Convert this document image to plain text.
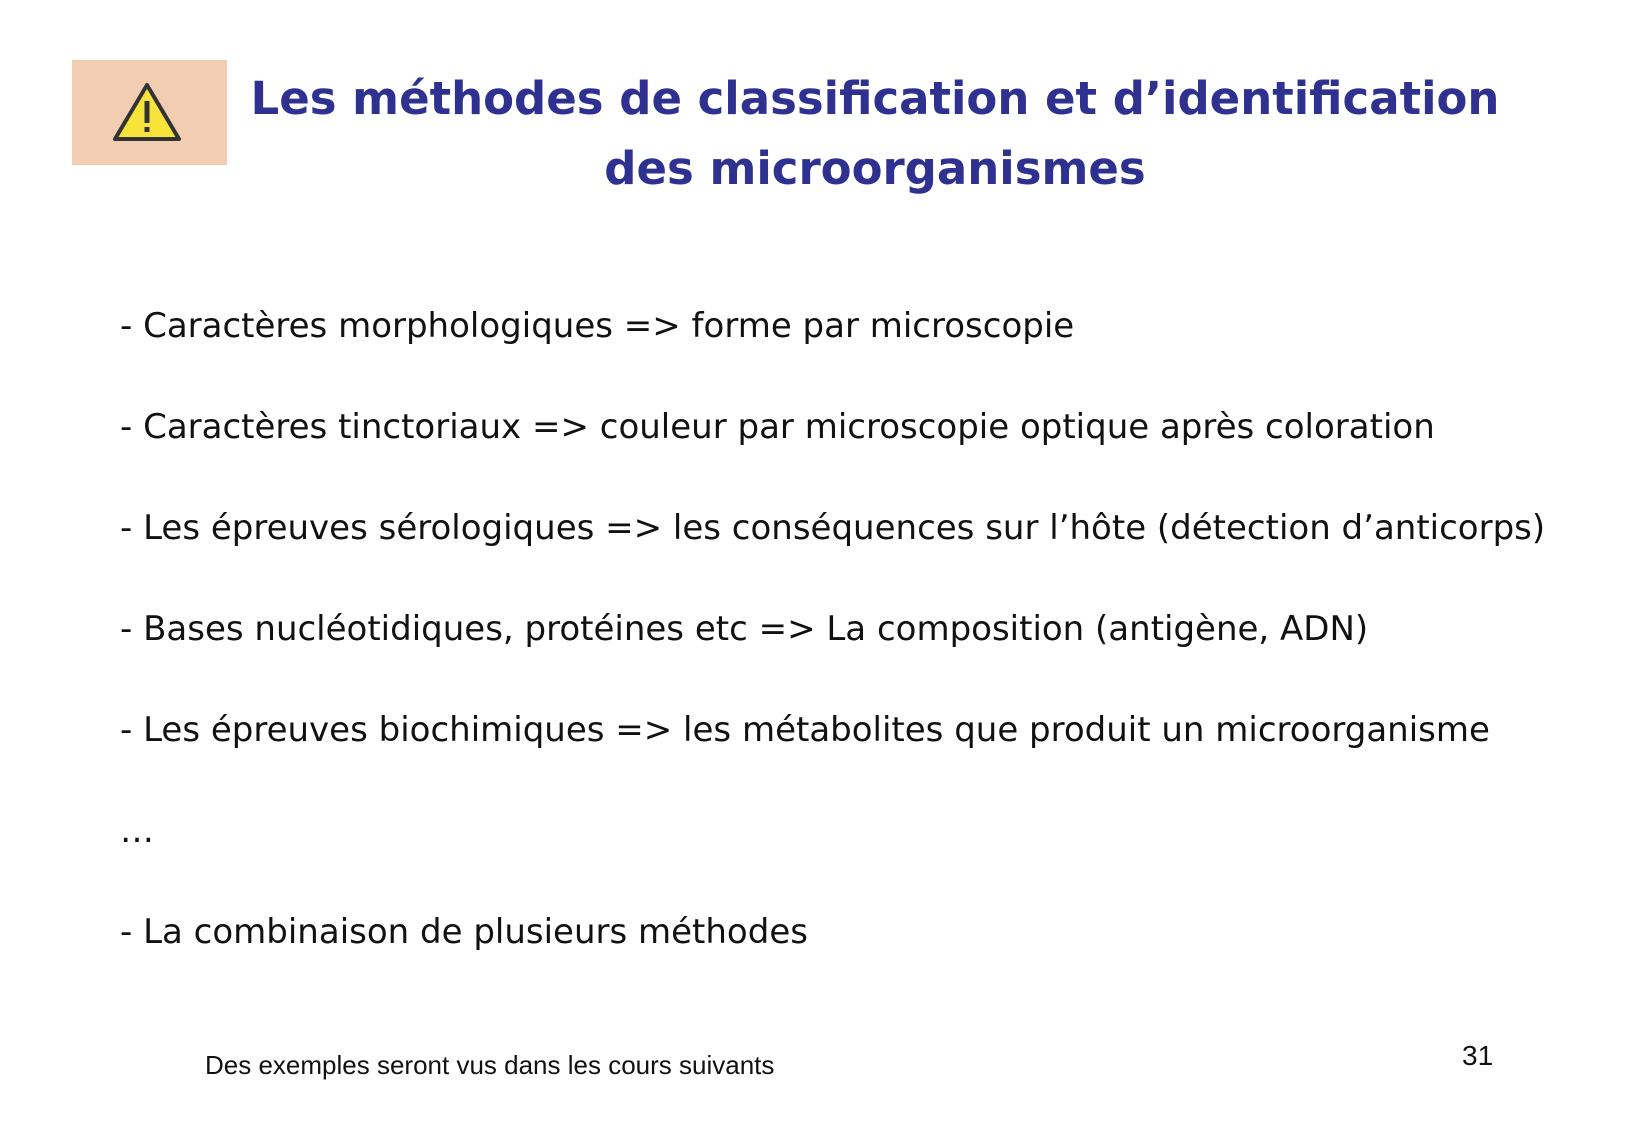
Les méthodes de classification et d’identification
des microorganismes
- Caractères morphologiques => forme par microscopie
- Caractères tinctoriaux => couleur par microscopie optique après coloration
- Les épreuves sérologiques => les conséquences sur l’hôte (détection d’anticorps)
- Bases nucléotidiques, protéines etc => La composition (antigène, ADN)
- Les épreuves biochimiques => les métabolites que produit un microorganisme
…
- La combinaison de plusieurs méthodes
Des exemples seront vus dans les cours suivants	31
